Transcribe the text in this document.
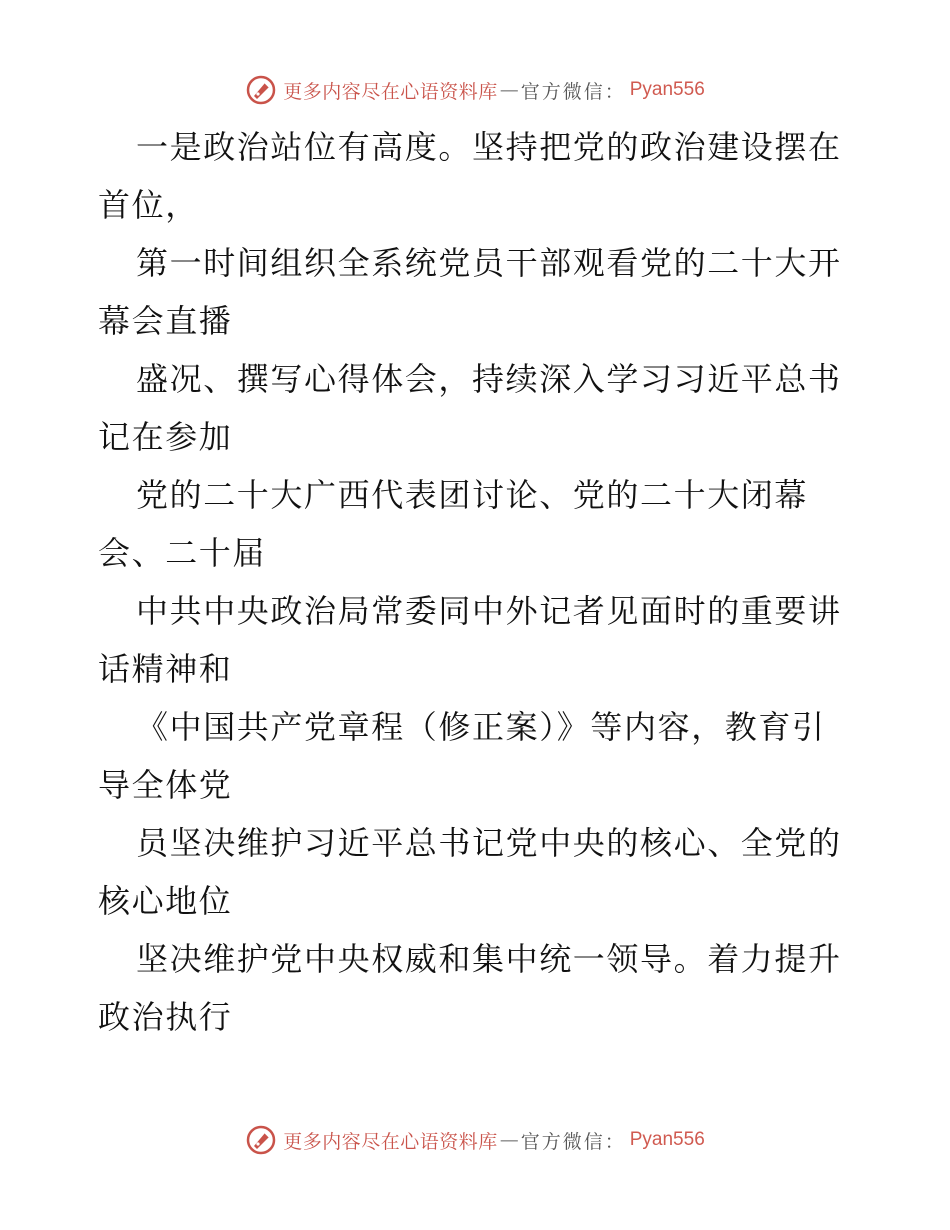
更多内容尽在心语资料库 — 官方微信： Pyan556

一是政治站位有高度。坚持把党的政治建设摆在首位，

第一时间组织全系统党员干部观看党的二十大开幕会直播

盛况、撰写心得体会，持续深入学习习近平总书记在参加

党的二十大广西代表团讨论、党的二十大闭幕会、二十届

中共中央政治局常委同中外记者见面时的重要讲话精神和

《中国共产党章程（修正案）》等内容，教育引导全体党

员坚决维护习近平总书记党中央的核心、全党的核心地位

坚决维护党中央权威和集中统一领导。着力提升政治执行

更多内容尽在心语资料库 — 官方微信： Pyan556
